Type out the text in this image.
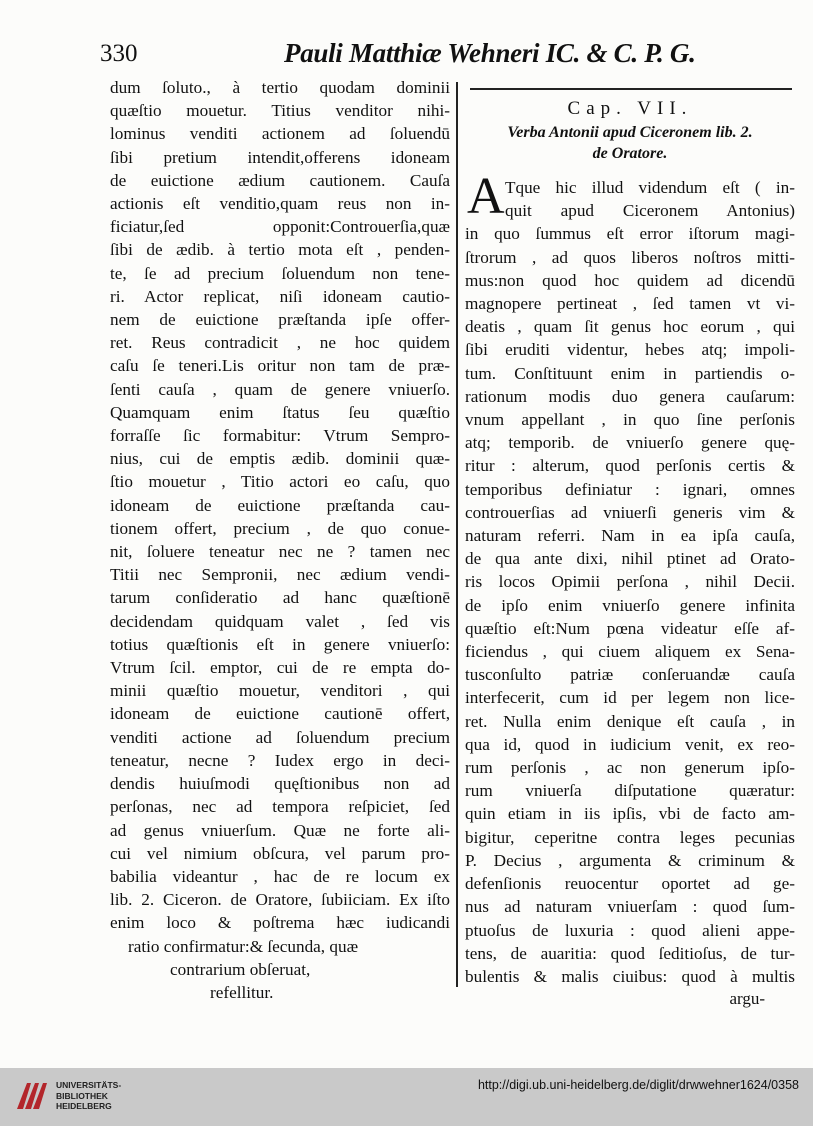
330	Pauli Matthiæ Wehneri IC. & C. P. G.
dum ſoluto., à tertio quodam dominii
quæſtio mouetur. Titius venditor nihi-
lominus venditi actionem ad ſoluendū
ſibi pretium intendit,offerens idoneam
de euictione ædium cautionem. Cauſa
actionis eſt venditio,quam reus non in-
ficiatur,ſed opponit:Controuerſia,quæ
ſibi de ædib. à tertio mota eſt , penden-
te, ſe ad precium ſoluendum non tene-
ri. Actor replicat, niſi idoneam cautio-
nem de euictione præſtanda ipſe offer-
ret. Reus contradicit , ne hoc quidem
caſu ſe teneri.Lis oritur non tam de præ-
ſenti cauſa , quam de genere vniuerſo.
Quamquam enim ſtatus ſeu quæſtio
forraſſe ſic formabitur: Vtrum Sempro-
nius, cui de emptis ædib. dominii quæ-
ſtio mouetur , Titio actori eo caſu, quo
idoneam de euictione præſtanda cau-
tionem offert, precium , de quo conue-
nit, ſoluere teneatur nec ne ? tamen nec
Titii nec Sempronii, nec ædium vendi-
tarum conſideratio ad hanc quæſtionē
decidendam quidquam valet , ſed vis
totius quæſtionis eſt in genere vniuerſo:
Vtrum ſcil. emptor, cui de re empta do-
minii quæſtio mouetur, venditori , qui
idoneam de euictione cautionē offert,
venditi actione ad ſoluendum precium
teneatur, necne ? Iudex ergo in deci-
dendis huiuſmodi quęſtionibus non ad
perſonas, nec ad tempora reſpiciet, ſed
ad genus vniuerſum. Quæ ne forte ali-
cui vel nimium obſcura, vel parum pro-
babilia videantur , hac de re locum ex
lib. 2. Ciceron. de Oratore, ſubiiciam. Ex iſto
enim loco & poſtrema hæc iudicandi
ratio confirmatur:& ſecunda, quæ
contrarium obſeruat,
refellitur.
Cap. VII.
Verba Antonii apud Ciceronem lib. 2.
de Oratore.
A Tque hic illud videndum eſt ( in-
quit apud Ciceronem Antonius)
in quo ſummus eſt error iſtorum magi-
ſtrorum , ad quos liberos noſtros mitti-
mus:non quod hoc quidem ad dicendū
magnopere pertineat , ſed tamen vt vi-
deatis , quam ſit genus hoc eorum , qui
ſibi eruditi videntur, hebes atq; impoli-
tum. Conſtituunt enim in partiendis o-
rationum modis duo genera cauſarum:
vnum appellant , in quo ſine perſonis
atq; temporib. de vniuerſo genere quę-
ritur : alterum, quod perſonis certis &
temporibus definiatur : ignari, omnes
controuerſias ad vniuerſi generis vim &
naturam referri. Nam in ea ipſa cauſa,
de qua ante dixi, nihil ptinet ad Orato-
ris locos Opimii perſona , nihil Decii.
de ipſo enim vniuerſo genere infinita
quæſtio eſt:Num pœna videatur eſſe af-
ficiendus , qui ciuem aliquem ex Sena-
tusconſulto patriæ conſeruandæ cauſa
interfecerit, cum id per legem non lice-
ret. Nulla enim denique eſt cauſa , in
qua id, quod in iudicium venit, ex reo-
rum perſonis , ac non generum ipſo-
rum vniuerſa diſputatione quæratur:
quin etiam in iis ipſis, vbi de facto am-
bigitur, ceperitne contra leges pecunias
P. Decius , argumenta & criminum &
defenſionis reuocentur oportet ad ge-
nus ad naturam vniuerſam : quod ſum-
ptuoſus de luxuria : quod alieni appe-
tens, de auaritia: quod ſeditioſus, de tur-
bulentis & malis ciuibus: quod à multis
argu-
UNIVERSITÄTS-
BIBLIOTHEK
HEIDELBERG
http://digi.ub.uni-heidelberg.de/diglit/drwwehner1624/0358
